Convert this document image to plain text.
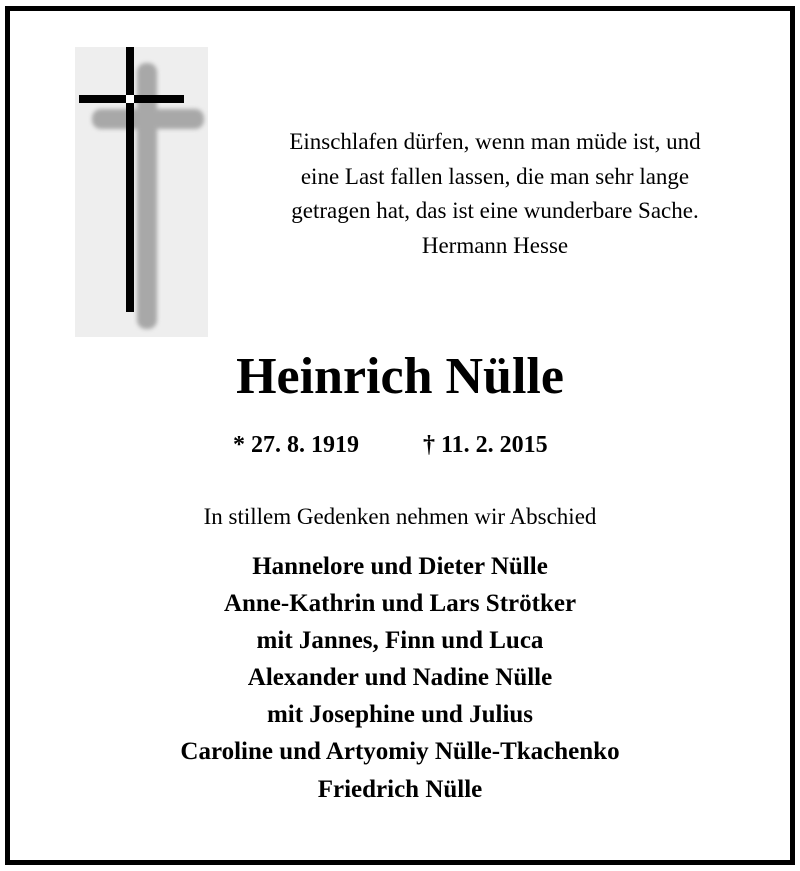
Einschlafen dürfen, wenn man müde ist, und
eine Last fallen lassen, die man sehr lange
getragen hat, das ist eine wunderbare Sache.
Hermann Hesse
Heinrich Nülle
* 27. 8. 1919	† 11. 2. 2015
In stillem Gedenken nehmen wir Abschied
Hannelore und Dieter Nülle
Anne-Kathrin und Lars Strötker
mit Jannes, Finn und Luca
Alexander und Nadine Nülle
mit Josephine und Julius
Caroline und Artyomiy Nülle-Tkachenko
Friedrich Nülle
